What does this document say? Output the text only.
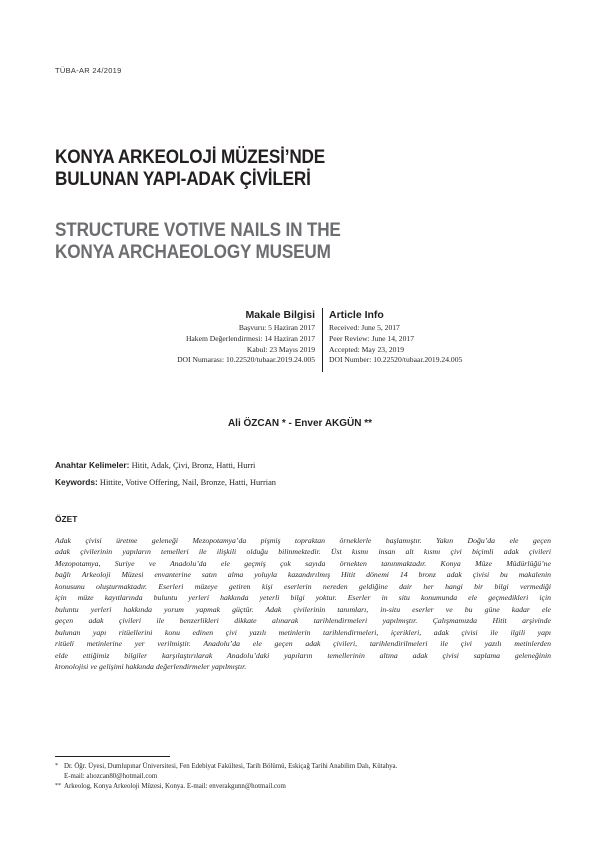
TÜBA-AR 24/2019
KONYA ARKEOLOJİ MÜZESİ’NDE
BULUNAN YAPI-ADAK ÇİVİLERİ
STRUCTURE VOTIVE NAILS IN THE
KONYA ARCHAEOLOGY MUSEUM
Makale Bilgisi
Başvuru: 5 Haziran 2017
Hakem Değerlendirmesi: 14 Haziran 2017
Kabul: 23 Mayıs 2019
DOI Numarası: 10.22520/tubaar.2019.24.005
Article Info
Received: June 5, 2017
Peer Review: June 14, 2017
Accepted: May 23, 2019
DOI Number: 10.22520/tubaar.2019.24.005
Ali ÖZCAN * - Enver AKGÜN **
Anahtar Kelimeler: Hitit, Adak, Çivi, Bronz, Hatti, Hurri
Keywords: Hittite, Votive Offering, Nail, Bronze, Hatti, Hurrian
ÖZET
Adak çivisi üretme geleneği Mezopotamya’da pişmiş topraktan örneklerle başlamıştır. Yakın Doğu’da ele geçen
adak çivilerinin yapıların temelleri ile ilişkili olduğu bilinmektedir. Üst kısmı insan alt kısmı çivi biçimli adak çivileri
Mezopotamya, Suriye ve Anadolu’da ele geçmiş çok sayıda örnekten tanınmaktadır. Konya Müze Müdürlüğü’ne
bağlı Arkeoloji Müzesi envanterine satın alma yoluyla kazandırılmış Hitit dönemi 14 bronz adak çivisi bu makalenin
konusunu oluşturmaktadır. Eserleri müzeye getiren kişi eserlerin nereden geldiğine dair her hangi bir bilgi vermediği
için müze kayıtlarında buluntu yerleri hakkında yeterli bilgi yoktur. Eserler in situ konumunda ele geçmedikleri için
buluntu yerleri hakkında yorum yapmak güçtür. Adak çivilerinin tanımları, in-situ eserler ve bu güne kadar ele
geçen adak çivileri ile benzerlikleri dikkate alınarak tarihlendirmeleri yapılmıştır. Çalışmamızda Hitit arşivinde
bulunan yapı ritüellerini konu edinen çivi yazılı metinlerin tarihlendirmeleri, içerikleri, adak çivisi ile ilgili yapı
ritüeli metinlerine yer verilmiştir. Anadolu’da ele geçen adak çivileri, tarihlendirilmeleri ile çivi yazılı metinlerden
elde ettiğimiz bilgiler karşılaştırılarak Anadolu’daki yapıların temellerinin altına adak çivisi saplama geleneğinin
kronolojisi ve gelişimi hakkında değerlendirmeler yapılmıştır.
* Dr. Öğr. Üyesi, Dumlupınar Üniversitesi, Fen Edebiyat Fakültesi, Tarih Bölümü, Eskiçağ Tarihi Anabilim Dalı, Kütahya.
E-mail: alıozcan80@hotmail.com
** Arkeolog, Konya Arkeoloji Müzesi, Konya. E-mail: enverakgunn@hotmail.com
